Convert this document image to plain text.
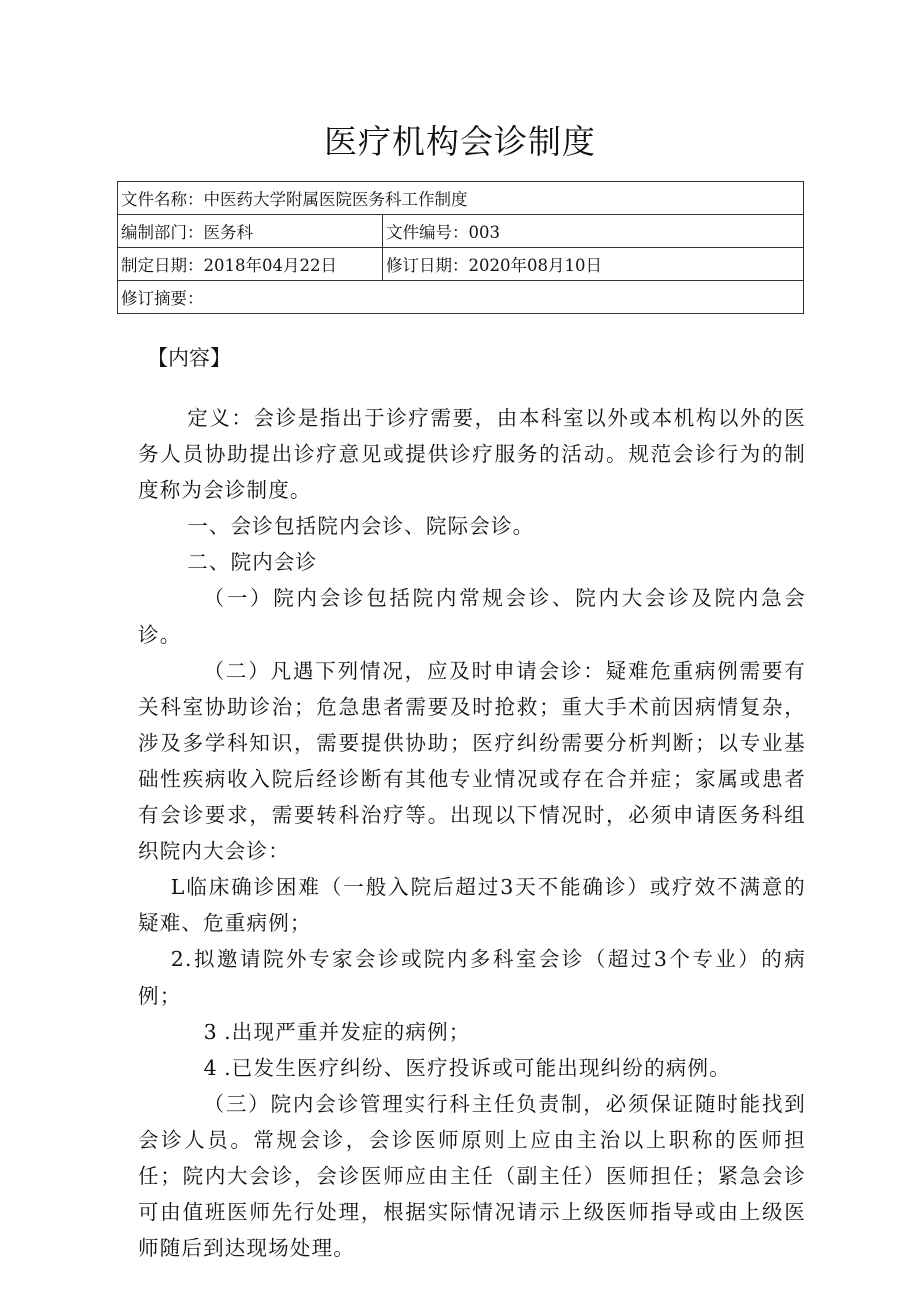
医疗机构会诊制度
文件名称：中医药大学附属医院医务科工作制度	
编制部门：医务科	文件编号：003
制定日期：2018年04月22日	修订日期：2020年08月10日
修订摘要：	
【内容】

定义：会诊是指出于诊疗需要，由本科室以外或本机构以外的医务人员协助提出诊疗意见或提供诊疗服务的活动。规范会诊行为的制度称为会诊制度。

一、会诊包括院内会诊、院际会诊。

二、院内会诊

（一）院内会诊包括院内常规会诊、院内大会诊及院内急会诊。

（二）凡遇下列情况，应及时申请会诊：疑难危重病例需要有关科室协助诊治；危急患者需要及时抢救；重大手术前因病情复杂，涉及多学科知识，需要提供协助；医疗纠纷需要分析判断；以专业基础性疾病收入院后经诊断有其他专业情况或存在合并症；家属或患者有会诊要求，需要转科治疗等。出现以下情况时，必须申请医务科组织院内大会诊：

L临床确诊困难（一般入院后超过3天不能确诊）或疗效不满意的疑难、危重病例；

2.拟邀请院外专家会诊或院内多科室会诊（超过3个专业）的病例；

3 .出现严重并发症的病例；

4 .已发生医疗纠纷、医疗投诉或可能出现纠纷的病例。

（三）院内会诊管理实行科主任负责制，必须保证随时能找到会诊人员。常规会诊，会诊医师原则上应由主治以上职称的医师担任；院内大会诊，会诊医师应由主任（副主任）医师担任；紧急会诊可由值班医师先行处理，根据实际情况请示上级医师指导或由上级医师随后到达现场处理。
